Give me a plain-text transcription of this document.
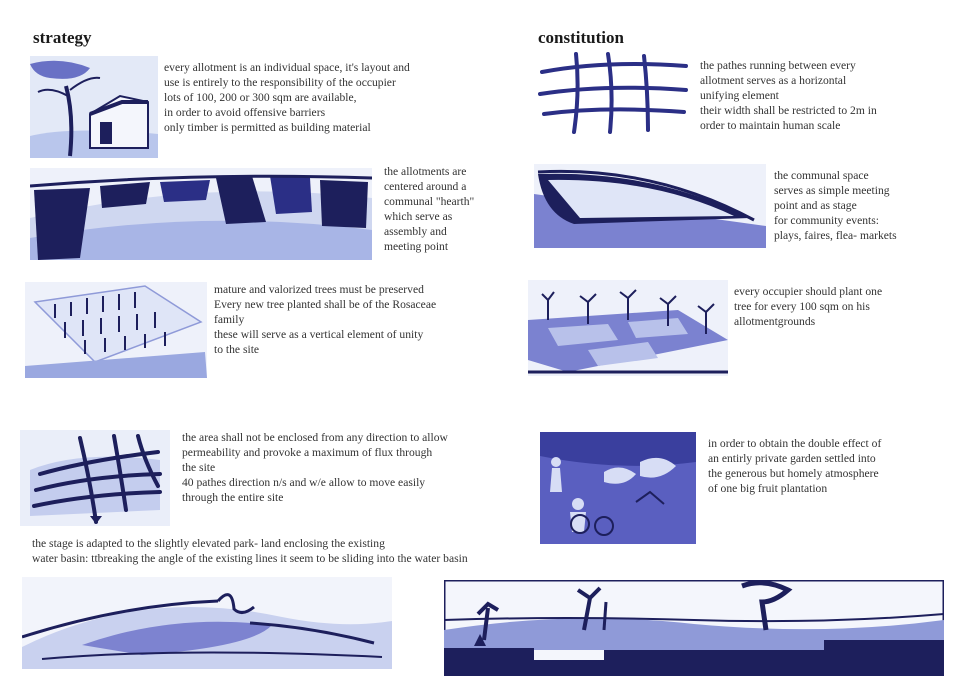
strategy	constitution
every allotment is an individual space, it's layout and
use is entirely to the responsibility of the occupier
lots of 100, 200 or 300 sqm are available,
in order to avoid offensive barriers
only timber is permitted as building material
the allotments are
centered around a
communal "hearth"
which serve as
assembly and
meeting point
mature and valorized trees must be preserved
Every new tree planted shall be of the Rosaceae
family
these will serve as a vertical element of unity
to the site
the area shall not be enclosed from any direction to allow
permeability and provoke a maximum of flux through
the site
40 pathes direction n/s and w/e allow to move easily
through the entire site
the stage is adapted to the slightly elevated park- land enclosing the existing
water basin: ttbreaking the angle of the existing lines it seem to be sliding into the water basin
the pathes running between every
allotment serves as a horizontal
unifying element
their width shall be restricted to 2m in
order to maintain human scale
the communal space
serves as simple meeting
point and as stage
for community events:
plays, faires, flea- markets
every occupier should plant one
tree for every 100 sqm on his
allotmentgrounds
in order to obtain the double effect of
an entirly private garden settled into
the generous but homely atmosphere
of one big fruit plantation
